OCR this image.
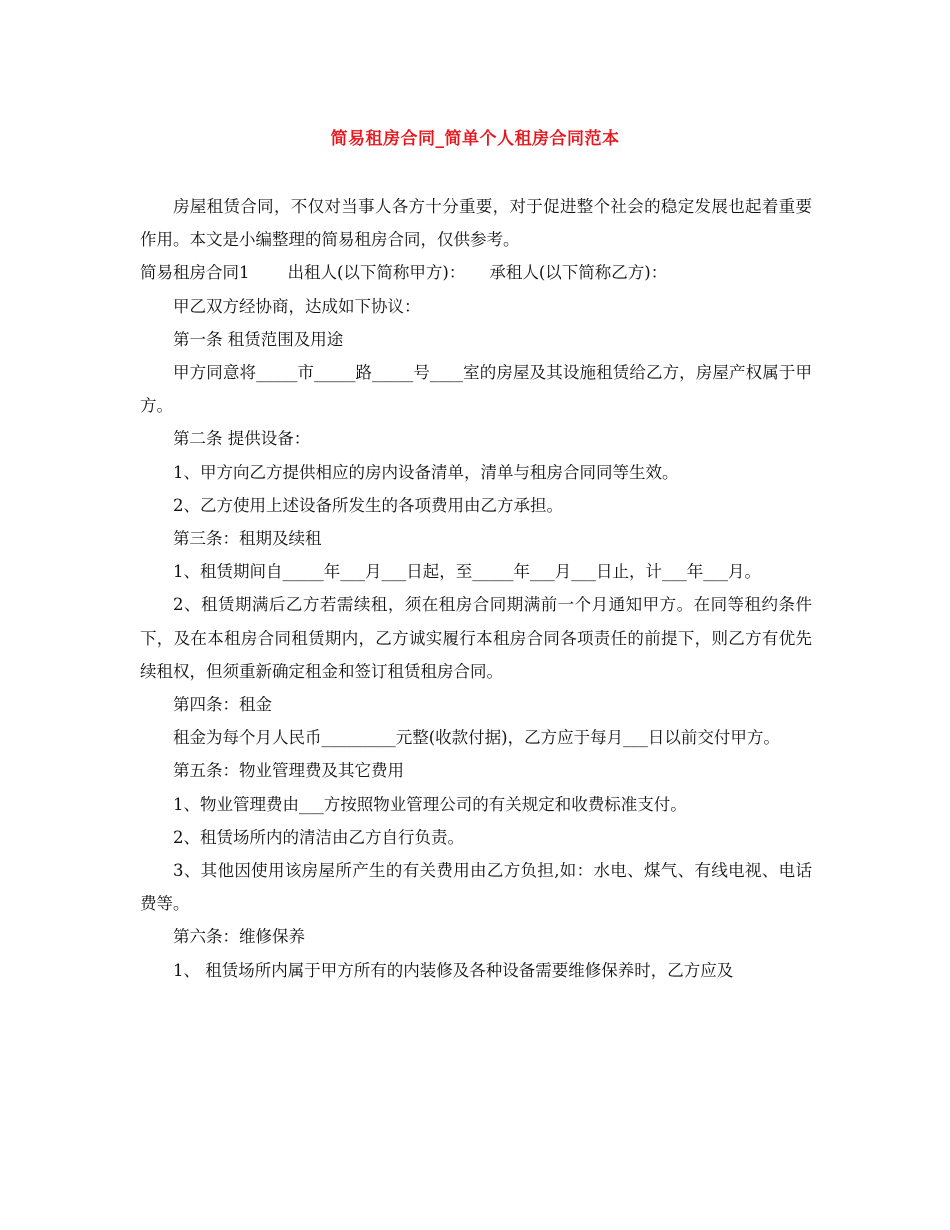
简易租房合同_简单个人租房合同范本

房屋租赁合同，不仅对当事人各方十分重要，对于促进整个社会的稳定发展也起着重要作用。本文是小编整理的简易租房合同，仅供参考。

简易租房合同1 出租人(以下简称甲方)： 承租人(以下简称乙方)：

甲乙双方经协商，达成如下协议：

第一条 租赁范围及用途

甲方同意将_____市_____路_____号____室的房屋及其设施租赁给乙方，房屋产权属于甲方。

第二条 提供设备：

1、甲方向乙方提供相应的房内设备清单，清单与租房合同同等生效。

2、乙方使用上述设备所发生的各项费用由乙方承担。

第三条：租期及续租

1、租赁期间自_____年___月___日起，至_____年___月___日止，计___年___月。

2、租赁期满后乙方若需续租，须在租房合同期满前一个月通知甲方。在同等租约条件下，及在本租房合同租赁期内，乙方诚实履行本租房合同各项责任的前提下，则乙方有优先续租权，但须重新确定租金和签订租赁租房合同。

第四条：租金

租金为每个月人民币_________元整(收款付据)，乙方应于每月___日以前交付甲方。

第五条：物业管理费及其它费用

1、物业管理费由___方按照物业管理公司的有关规定和收费标准支付。

2、租赁场所内的清洁由乙方自行负责。

3、其他因使用该房屋所产生的有关费用由乙方负担,如：水电、煤气、有线电视、电话费等。

第六条：维修保养

1、 租赁场所内属于甲方所有的内装修及各种设备需要维修保养时，乙方应及
